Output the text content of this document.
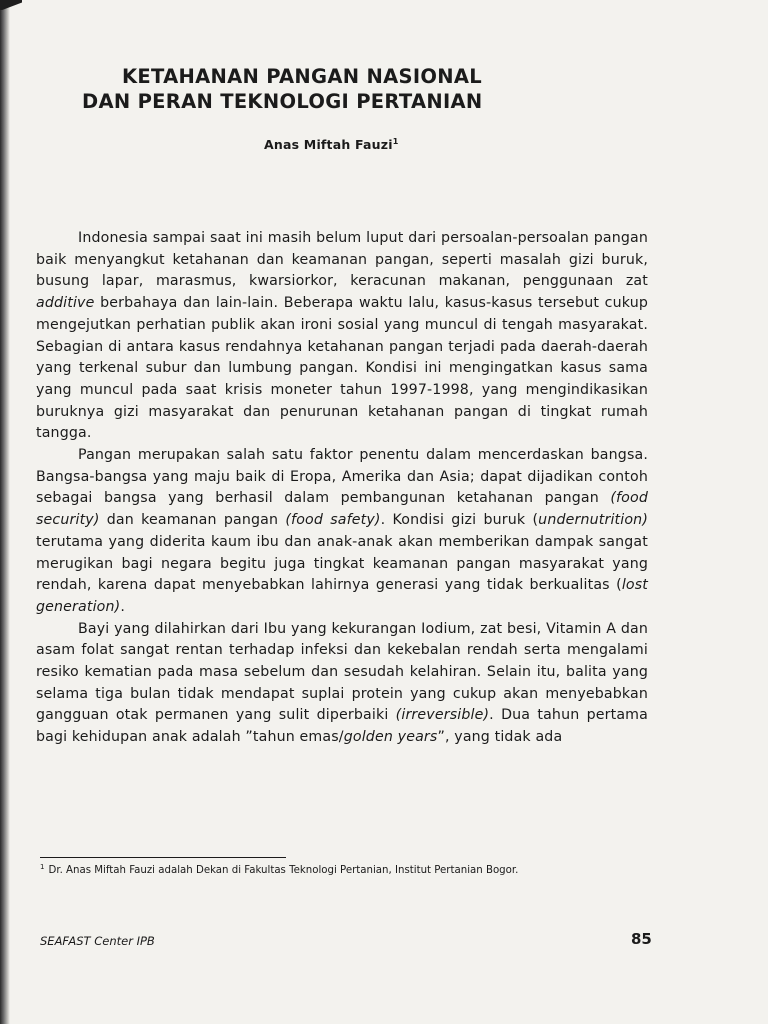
KETAHANAN PANGAN NASIONAL
DAN PERAN TEKNOLOGI PERTANIAN
Anas Miftah Fauzi$^1$

Indonesia sampai saat ini masih belum luput dari persoalan-persoalan pangan baik menyangkut ketahanan dan keamanan pangan, seperti masalah gizi buruk, busung lapar, marasmus, kwarsiorkor, keracunan makanan, penggunaan zat additive berbahaya dan lain-lain. Beberapa waktu lalu, kasus-kasus tersebut cukup mengejutkan perhatian publik akan ironi sosial yang muncul di tengah masyarakat. Sebagian di antara kasus rendahnya ketahanan pangan terjadi pada daerah-daerah yang terkenal subur dan lumbung pangan. Kondisi ini mengingatkan kasus sama yang muncul pada saat krisis moneter tahun 1997-1998, yang mengindikasikan buruknya gizi masyarakat dan penurunan ketahanan pangan di tingkat rumah tangga.

Pangan merupakan salah satu faktor penentu dalam mencerdaskan bangsa. Bangsa-bangsa yang maju baik di Eropa, Amerika dan Asia; dapat dijadikan contoh sebagai bangsa yang berhasil dalam pembangunan ketahanan pangan (food security) dan keamanan pangan (food safety). Kondisi gizi buruk (undernutrition) terutama yang diderita kaum ibu dan anak-anak akan memberikan dampak sangat merugikan bagi negara begitu juga tingkat keamanan pangan masyarakat yang rendah, karena dapat menyebabkan lahirnya generasi yang tidak berkualitas (lost generation).

Bayi yang dilahirkan dari Ibu yang kekurangan Iodium, zat besi, Vitamin A dan asam folat sangat rentan terhadap infeksi dan kekebalan rendah serta mengalami resiko kematian pada masa sebelum dan sesudah kelahiran. Selain itu, balita yang selama tiga bulan tidak mendapat suplai protein yang cukup akan menyebabkan gangguan otak permanen yang sulit diperbaiki (irreversible). Dua tahun pertama bagi kehidupan anak adalah ”tahun emas/golden years”, yang tidak ada

$^1$ Dr. Anas Miftah Fauzi adalah Dekan di Fakultas Teknologi Pertanian, Institut Pertanian Bogor.
SEAFAST Center IPB	85
